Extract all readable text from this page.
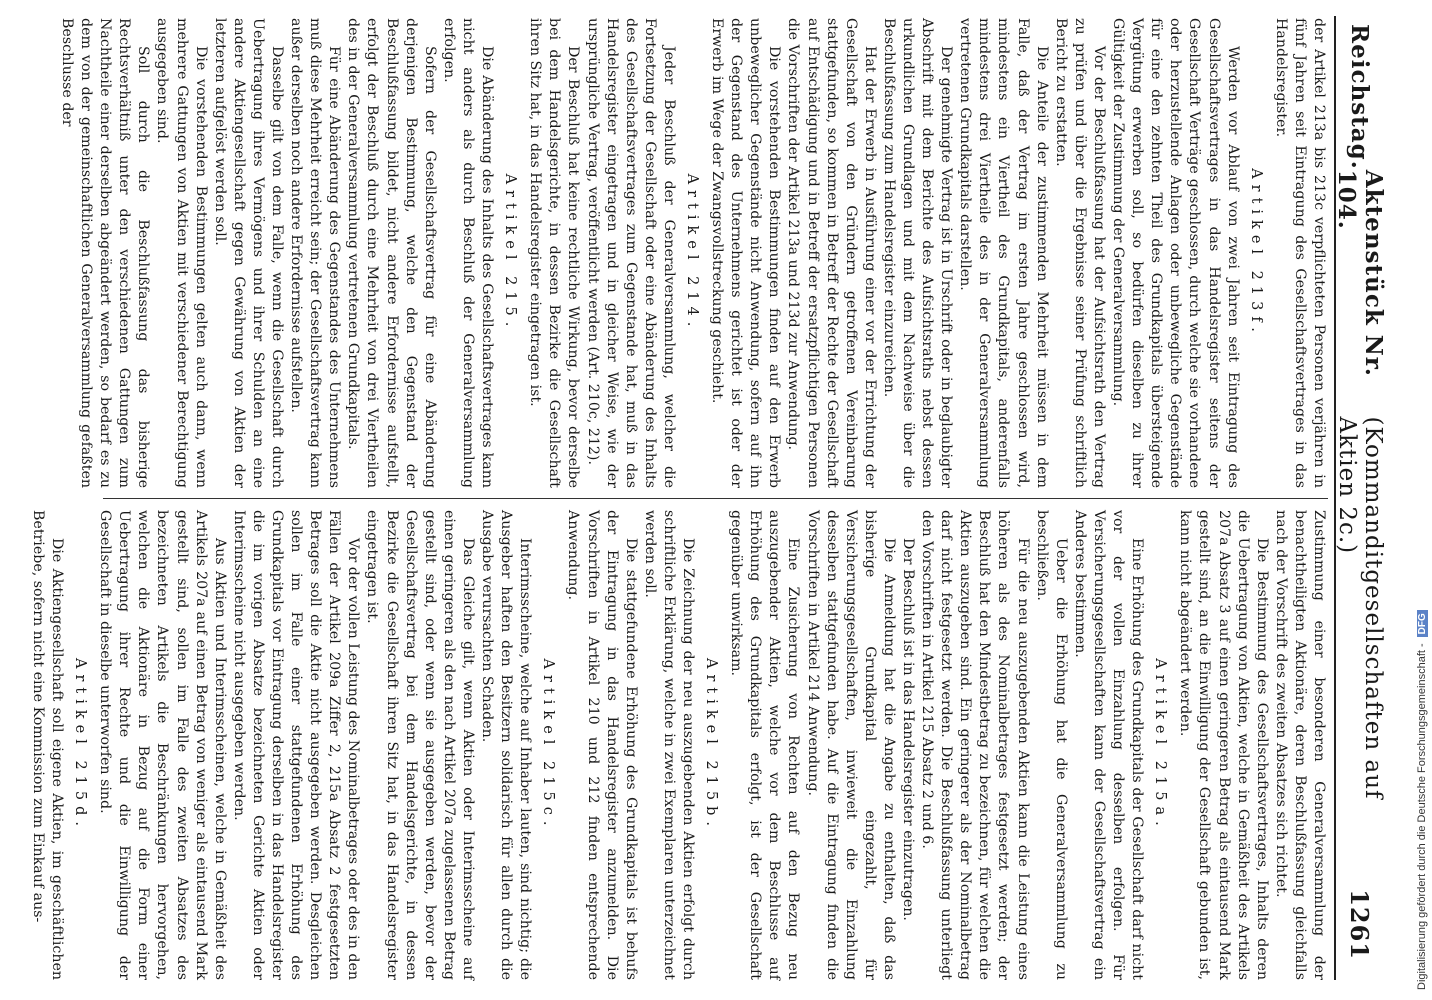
Reichstag.
Aktenstück Nr. 104.
(Kommanditgesellschaften auf Aktien 2c.)
1261

der Artikel 213a bis 213c verpflichteten Personen verjähren in fünf Jahren seit Eintragung des Gesellschaftsvertrages in das Handelsregister.

Artikel 213f.

Werden vor Ablauf von zwei Jahren seit Eintragung des Gesellschaftsvertrages in das Handelsregister seitens der Gesellschaft Verträge geschlossen, durch welche sie vorhandene oder herzustellende Anlagen oder unbewegliche Gegenstände für eine den zehnten Theil des Grundkapitals übersteigende Vergütung erwerben soll, so bedürfen dieselben zu ihrer Gültigkeit der Zustimmung der Generalversammlung.

Vor der Beschlußfassung hat der Aufsichtsrath den Vertrag zu prüfen und über die Ergebnisse seiner Prüfung schriftlich Bericht zu erstatten.

Die Anteile der zustimmenden Mehrheit müssen in dem Falle, daß der Vertrag im ersten Jahre geschlossen wird, mindestens ein Viertheil des Grundkapitals, anderenfalls mindestens drei Viertheile des in der Generalversammlung vertretenen Grundkapitals darstellen.

Der genehmigte Vertrag ist in Urschrift oder in beglaubigter Abschrift mit dem Berichte des Aufsichtsraths nebst dessen urkundlichen Grundlagen und mit dem Nachweise über die Beschlußfassung zum Handelsregister einzureichen.

Hat der Erwerb in Ausführung einer vor der Errichtung der Gesellschaft von den Gründern getroffenen Vereinbarung stattgefunden, so kommen in Betreff der Rechte der Gesellschaft auf Entschädigung und in Betreff der ersatzpflichtigen Personen die Vorschriften der Artikel 213a und 213d zur Anwendung.

Die vorstehenden Bestimmungen finden auf den Erwerb unbeweglicher Gegenstände nicht Anwendung, sofern auf ihn der Gegenstand des Unternehmens gerichtet ist oder der Erwerb im Wege der Zwangsvollstreckung geschieht.

Artikel 214.

Jeder Beschluß der Generalversammlung, welcher die Fortsetzung der Gesellschaft oder eine Abänderung des Inhalts des Gesellschaftsvertrages zum Gegenstande hat, muß in das Handelsregister eingetragen und in gleicher Weise, wie der ursprüngliche Vertrag, veröffentlicht werden (Art. 210c, 212).

Der Beschluß hat keine rechtliche Wirkung, bevor derselbe bei dem Handelsgerichte, in dessen Bezirke die Gesellschaft ihren Sitz hat, in das Handelsregister eingetragen ist.

Artikel 215.

Die Abänderung des Inhalts des Gesellschaftsvertrages kann nicht anders als durch Beschluß der Generalversammlung erfolgen.

Sofern der Gesellschaftsvertrag für eine Abänderung derjenigen Bestimmung, welche den Gegenstand der Beschlußfassung bildet, nicht andere Erfordernisse aufstellt, erfolgt der Beschluß durch eine Mehrheit von drei Viertheilen des in der Generalversammlung vertretenen Grundkapitals.

Für eine Abänderung des Gegenstandes des Unternehmens muß diese Mehrheit erreicht sein; der Gesellschaftsvertrag kann außer derselben noch andere Erfordernisse aufstellen.

Dasselbe gilt von dem Falle, wenn die Gesellschaft durch Uebertragung ihres Vermögens und ihrer Schulden an eine andere Aktiengesellschaft gegen Gewährung von Aktien der letzteren aufgelöst werden soll.

Die vorstehenden Bestimmungen gelten auch dann, wenn mehrere Gattungen von Aktien mit verschiedener Berechtigung ausgegeben sind.

Soll durch die Beschlußfassung das bisherige Rechtsverhältniß unter den verschiedenen Gattungen zum Nachtheile einer derselben abgeändert werden, so bedarf es zu dem von der gemeinschaftlichen Generalversammlung gefaßten Beschlusse der

Zustimmung einer besonderen Generalversammlung der benachtheiligten Aktionäre, deren Beschlußfassung gleichfalls nach der Vorschrift des zweiten Absatzes sich richtet.

Die Bestimmung des Gesellschaftsvertrages, Inhalts deren die Uebertragung von Aktien, welche in Gemäßheit des Artikels 207a Absatz 3 auf einen geringeren Betrag als eintausend Mark gestellt sind, an die Einwilligung der Gesellschaft gebunden ist, kann nicht abgeändert werden.

Artikel 215a.

Eine Erhöhung des Grundkapitals der Gesellschaft darf nicht vor der vollen Einzahlung desselben erfolgen. Für Versicherungsgesellschaften kann der Gesellschaftsvertrag ein Anderes bestimmen.

Ueber die Erhöhung hat die Generalversammlung zu beschließen.

Für die neu auszugebenden Aktien kann die Leistung eines höheren als des Nominalbetrages festgesetzt werden; der Beschluß hat den Mindestbetrag zu bezeichnen, für welchen die Aktien auszugeben sind. Ein geringerer als der Nominalbetrag darf nicht festgesetzt werden. Die Beschlußfassung unterliegt den Vorschriften in Artikel 215 Absatz 2 und 6.

Der Beschluß ist in das Handelsregister einzutragen.

Die Anmeldung hat die Angabe zu enthalten, daß das bisherige Grundkapital eingezahlt, für Versicherungsgesellschaften, inwieweit die Einzahlung desselben stattgefunden habe. Auf die Eintragung finden die Vorschriften in Artikel 214 Anwendung.

Eine Zusicherung von Rechten auf den Bezug neu auszugebender Aktien, welche vor dem Beschlusse auf Erhöhung des Grundkapitals erfolgt, ist der Gesellschaft gegenüber unwirksam.

Artikel 215b.

Die Zeichnung der neu auszugebenden Aktien erfolgt durch schriftliche Erklärung, welche in zwei Exemplaren unterzeichnet werden soll.

Die stattgefundene Erhöhung des Grundkapitals ist behufs der Eintragung in das Handelsregister anzumelden. Die Vorschriften in Artikel 210 und 212 finden entsprechende Anwendung.

Artikel 215c.

Interimsscheine, welche auf Inhaber lauten, sind nichtig; die Ausgeber haften den Besitzern solidarisch für allen durch die Ausgabe verursachten Schaden.

Das Gleiche gilt, wenn Aktien oder Interimsscheine auf einen geringeren als den nach Artikel 207a zugelassenen Betrag gestellt sind, oder wenn sie ausgegeben werden, bevor der Gesellschaftsvertrag bei dem Handelsgerichte, in dessen Bezirke die Gesellschaft ihren Sitz hat, in das Handelsregister eingetragen ist.

Vor der vollen Leistung des Nominalbetrages oder des in den Fällen der Artikel 209a Ziffer 2, 215a Absatz 2 festgesetzten Betrages soll die Aktie nicht ausgegeben werden. Desgleichen sollen im Falle einer stattgefundenen Erhöhung des Grundkapitals vor Eintragung derselben in das Handelsregister die im vorigen Absatze bezeichneten Gerichte Aktien oder Interimsscheine nicht ausgegeben werden.

Aus Aktien und Interimsscheinen, welche in Gemäßheit des Artikels 207a auf einen Betrag von weniger als eintausend Mark gestellt sind, sollen im Falle des zweiten Absatzes des bezeichneten Artikels die Beschränkungen hervorgehen, welchen die Aktionäre in Bezug auf die Form einer Uebertragung ihrer Rechte und die Einwilligung der Gesellschaft in dieselbe unterworfen sind.

Artikel 215d.

Die Aktiengesellschaft soll eigene Aktien, im geschäftlichen Betriebe, sofern nicht eine Kommission zum Einkauf aus-	Digitalisierung gefördert durch die Deutsche Forschungsgemeinschaft -DFG
